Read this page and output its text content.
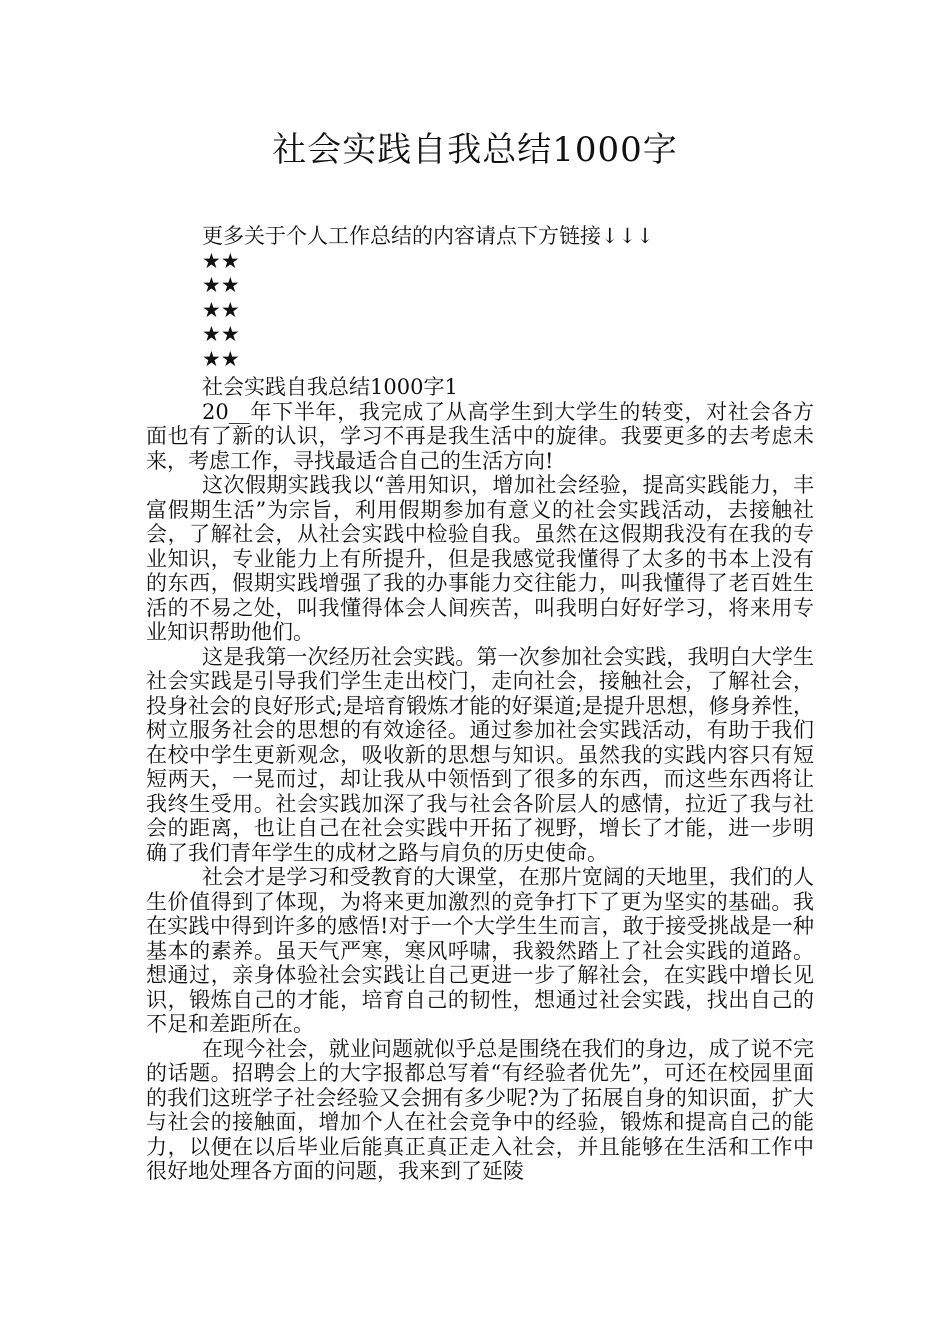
社会实践自我总结1000字

更多关于个人工作总结的内容请点下方链接↓↓↓

★★

★★

★★

★★

★★

社会实践自我总结1000字1

20__年下半年，我完成了从高学生到大学生的转变，对社会各方面也有了新的认识，学习不再是我生活中的旋律。我要更多的去考虑未来，考虑工作，寻找最适合自己的生活方向!

这次假期实践我以“善用知识，增加社会经验，提高实践能力，丰富假期生活”为宗旨，利用假期参加有意义的社会实践活动，去接触社会，了解社会，从社会实践中检验自我。虽然在这假期我没有在我的专业知识，专业能力上有所提升，但是我感觉我懂得了太多的书本上没有的东西，假期实践增强了我的办事能力交往能力，叫我懂得了老百姓生活的不易之处，叫我懂得体会人间疾苦，叫我明白好好学习，将来用专业知识帮助他们。

这是我第一次经历社会实践。第一次参加社会实践，我明白大学生社会实践是引导我们学生走出校门，走向社会，接触社会，了解社会，投身社会的良好形式;是培育锻炼才能的好渠道;是提升思想，修身养性，树立服务社会的思想的有效途径。通过参加社会实践活动，有助于我们在校中学生更新观念，吸收新的思想与知识。虽然我的实践内容只有短短两天，一晃而过，却让我从中领悟到了很多的东西，而这些东西将让我终生受用。社会实践加深了我与社会各阶层人的感情，拉近了我与社会的距离，也让自己在社会实践中开拓了视野，增长了才能，进一步明确了我们青年学生的成材之路与肩负的历史使命。

社会才是学习和受教育的大课堂，在那片宽阔的天地里，我们的人生价值得到了体现，为将来更加激烈的竞争打下了更为坚实的基础。我在实践中得到许多的感悟!对于一个大学生生而言，敢于接受挑战是一种基本的素养。虽天气严寒，寒风呼啸，我毅然踏上了社会实践的道路。想通过，亲身体验社会实践让自己更进一步了解社会，在实践中增长见识，锻炼自己的才能，培育自己的韧性，想通过社会实践，找出自己的不足和差距所在。

在现今社会，就业问题就似乎总是围绕在我们的身边，成了说不完的话题。招聘会上的大字报都总写着“有经验者优先”，可还在校园里面的我们这班学子社会经验又会拥有多少呢?为了拓展自身的知识面，扩大与社会的接触面，增加个人在社会竞争中的经验，锻炼和提高自己的能力，以便在以后毕业后能真正真正走入社会，并且能够在生活和工作中很好地处理各方面的问题，我来到了延陵
